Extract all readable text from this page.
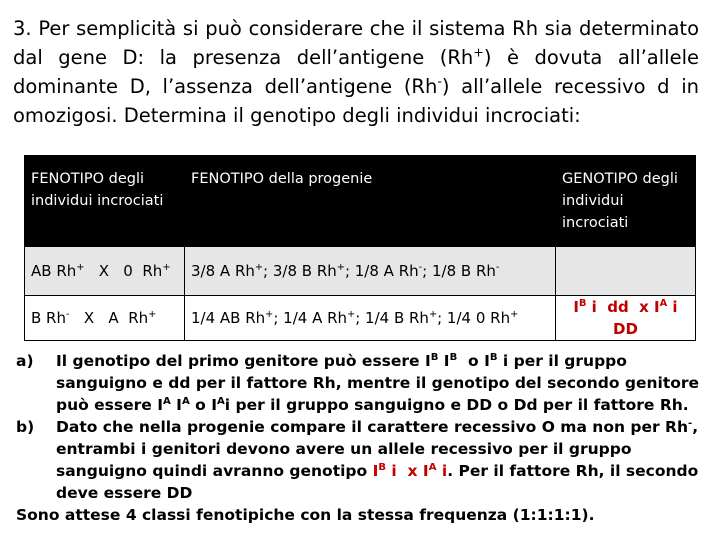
3. Per semplicità si può considerare che il sistema Rh sia determinato dal gene D: la presenza dell’antigene (Rh+) è dovuta all’allele dominante D, l’assenza dell’antigene (Rh-) all’allele recessivo d in omozigosi. Determina il genotipo degli individui incrociati:

FENOTIPO degli individui incrociati	FENOTIPO della progenie	GENOTIPO degli individui incrociati
AB Rh+   X   0  Rh+	3/8 A Rh+; 3/8 B Rh+; 1/8 A Rh-; 1/8 B Rh-	
B Rh-   X   A  Rh+	1/4 AB Rh+; 1/4 A Rh+; 1/4 B Rh+; 1/4 0 Rh+	$I^B$ i  dd  x $I^A$ i DD
a)	Il genotipo del primo genitore può essere $I^B$ $I^B$  o $I^B$ i per il gruppo sanguigno e dd per il fattore Rh, mentre il genotipo del secondo genitore può essere $I^A$ $I^A$ o $I^Ai$ per il gruppo sanguigno e DD o Dd per il fattore Rh.
b)	Dato che nella progenie compare il carattere recessivo O ma non per Rh-, entrambi i genitori devono avere un allele recessivo per il gruppo sanguigno quindi avranno genotipo $I^B$ i  x $I^A$ i. Per il fattore Rh, il secondo deve essere DD
Sono attese 4 classi fenotipiche con la stessa frequenza (1:1:1:1).
